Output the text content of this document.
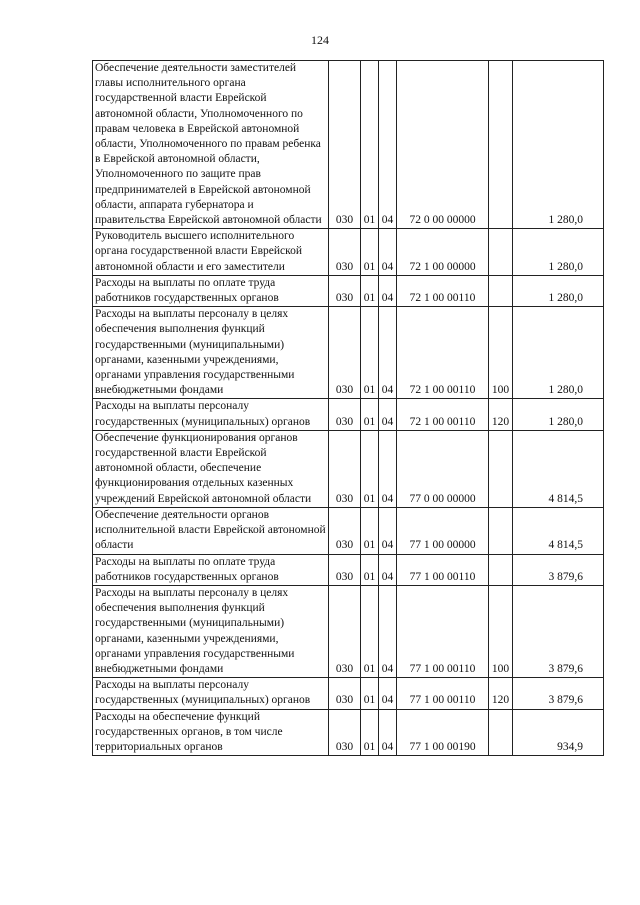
124
Обеспечение деятельности заместителей главы исполнительного органа государственной власти Еврейской автономной области, Уполномоченного по правам человека в Еврейской автономной области, Уполномоченного по правам ребенка в Еврейской автономной области, Уполномоченного по защите прав предпринимателей в Еврейской автономной области, аппарата губернатора и правительства Еврейской автономной области	030	01	04	72 0 00 00000		1 280,0
Руководитель высшего исполнительного органа государственной власти Еврейской автономной области и его заместители	030	01	04	72 1 00 00000		1 280,0
Расходы на выплаты по оплате труда работников государственных органов	030	01	04	72 1 00 00110		1 280,0
Расходы на выплаты персоналу в целях обеспечения выполнения функций государственными (муниципальными) органами, казенными учреждениями, органами управления государственными внебюджетными фондами	030	01	04	72 1 00 00110	100	1 280,0
Расходы на выплаты персоналу государственных (муниципальных) органов	030	01	04	72 1 00 00110	120	1 280,0
Обеспечение функционирования органов государственной власти Еврейской автономной области, обеспечение функционирования отдельных казенных учреждений Еврейской автономной области	030	01	04	77 0 00 00000		4 814,5
Обеспечение деятельности органов исполнительной власти Еврейской автономной области	030	01	04	77 1 00 00000		4 814,5
Расходы на выплаты по оплате труда работников государственных органов	030	01	04	77 1 00 00110		3 879,6
Расходы на выплаты персоналу в целях обеспечения выполнения функций государственными (муниципальными) органами, казенными учреждениями, органами управления государственными внебюджетными фондами	030	01	04	77 1 00 00110	100	3 879,6
Расходы на выплаты персоналу государственных (муниципальных) органов	030	01	04	77 1 00 00110	120	3 879,6
Расходы на обеспечение функций государственных органов, в том числе территориальных органов	030	01	04	77 1 00 00190		934,9
